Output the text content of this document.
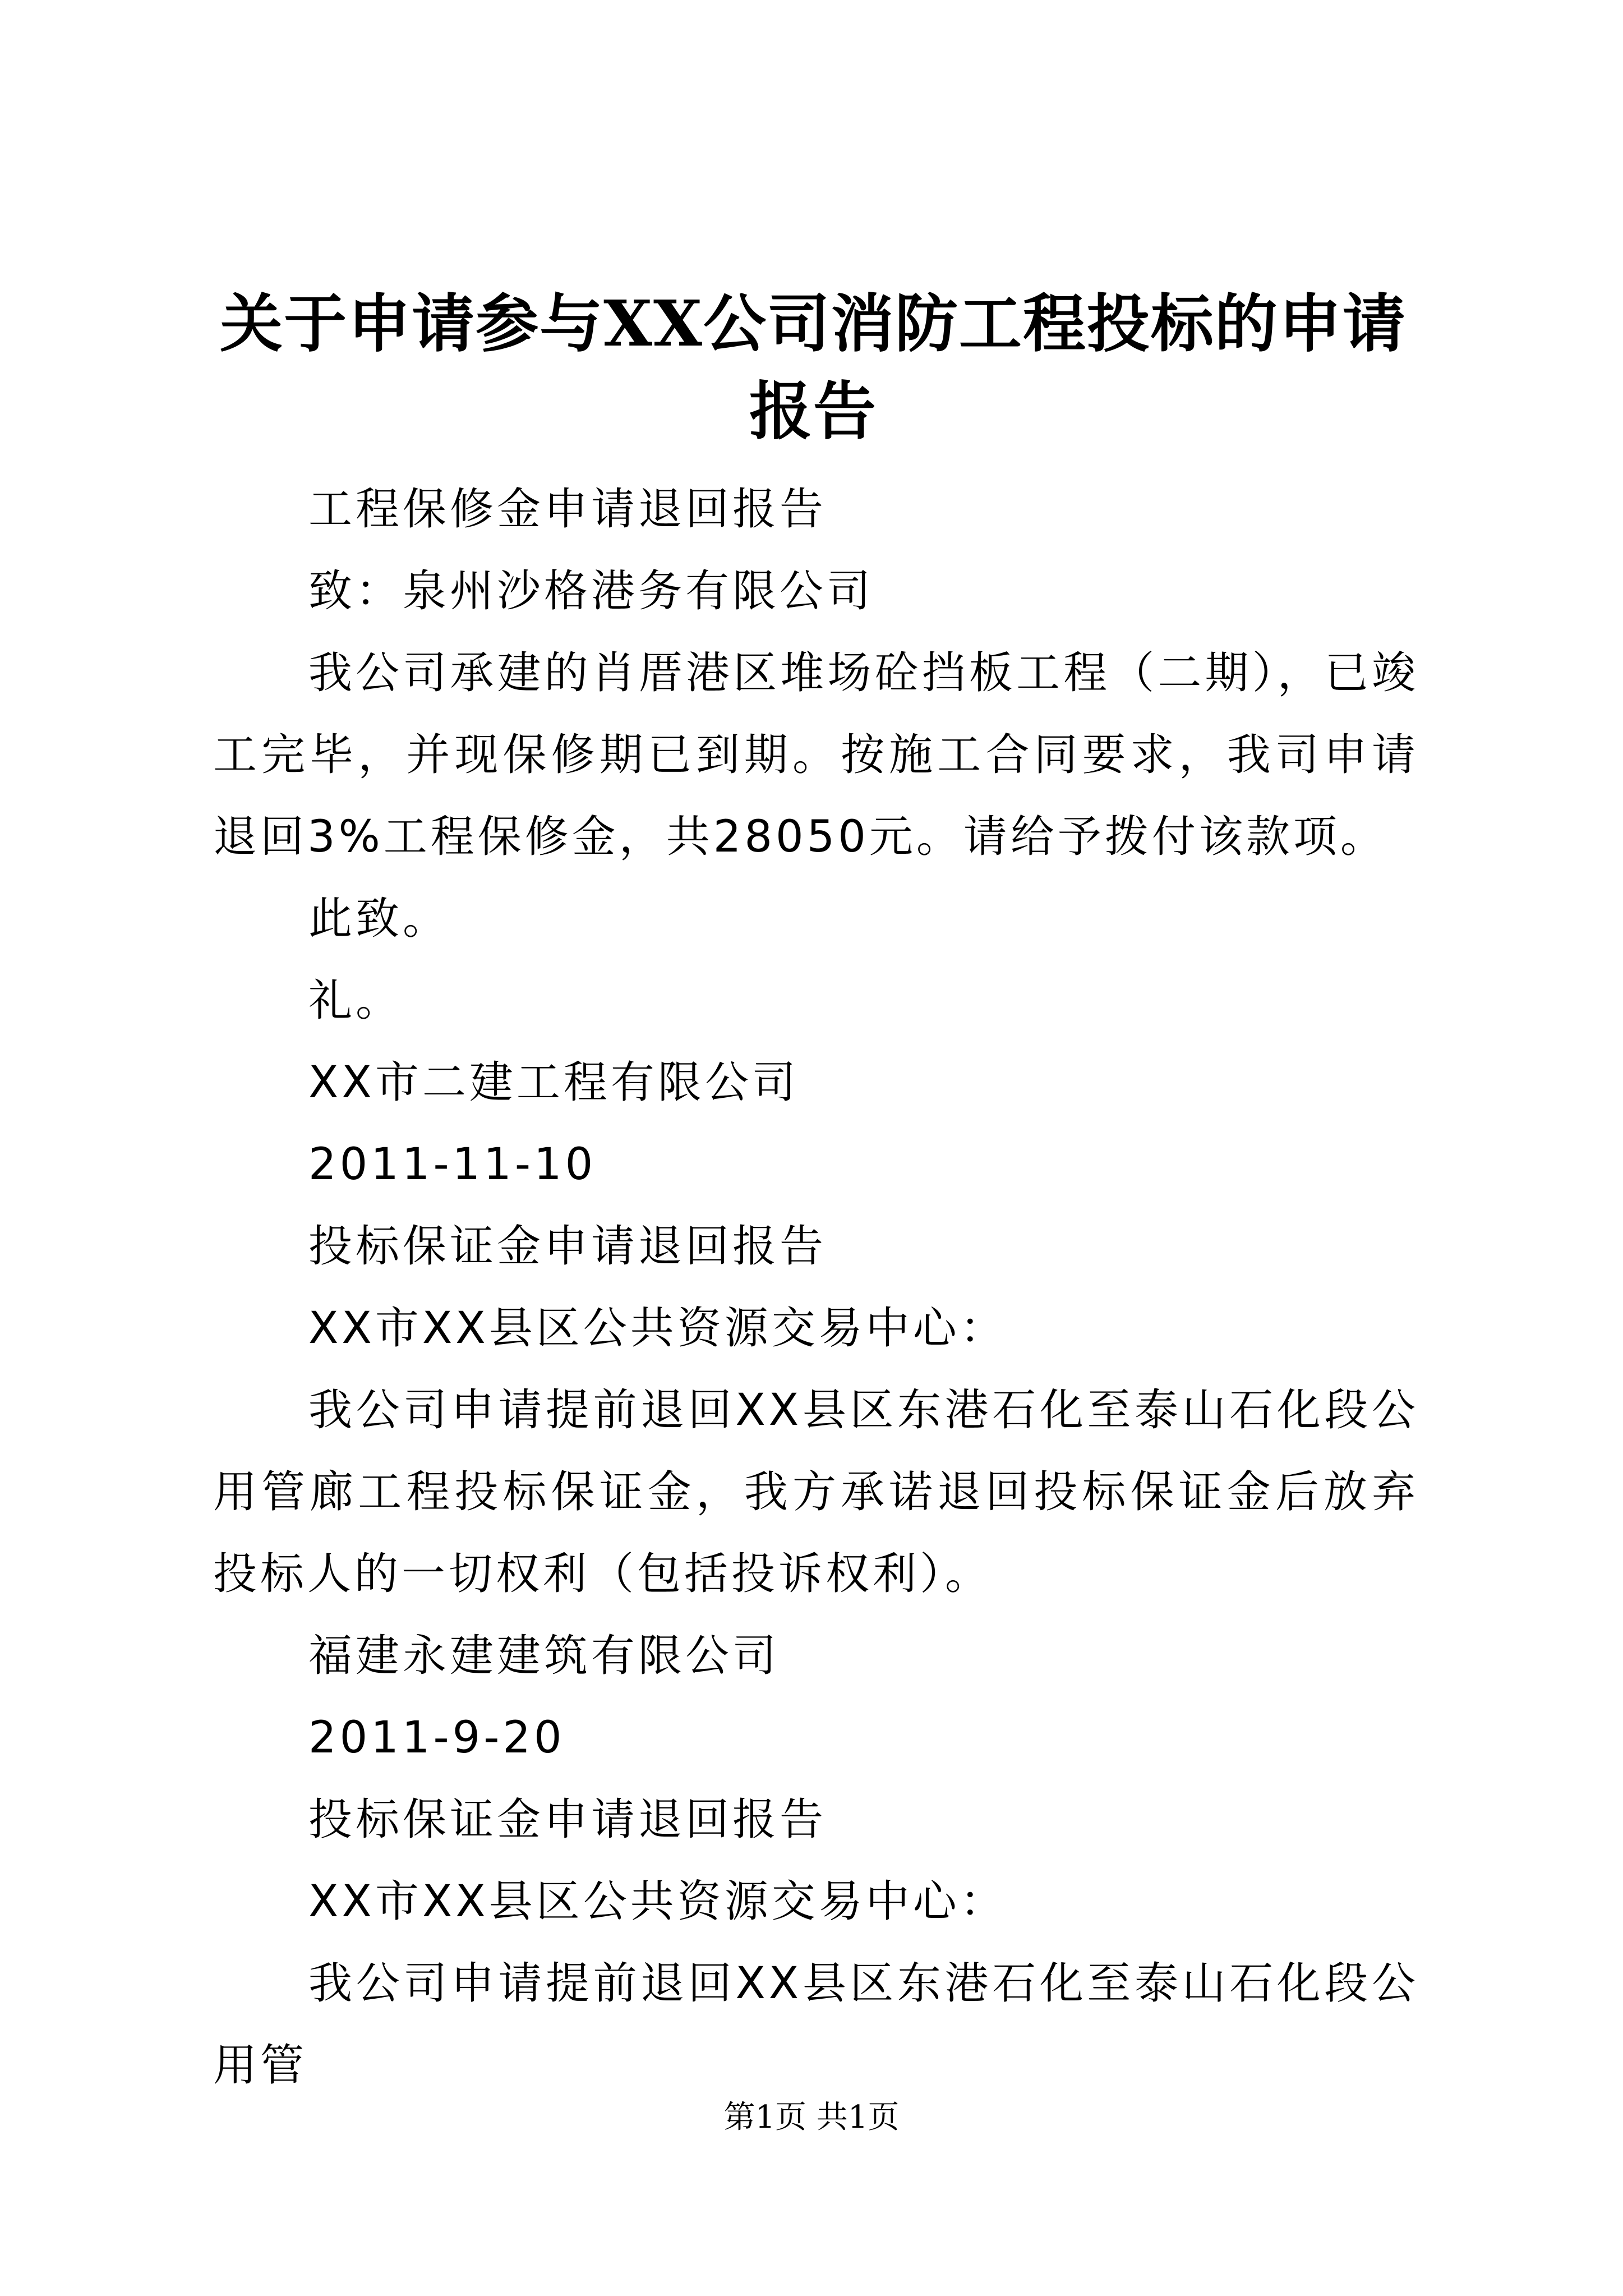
关于申请参与XX公司消防工程投标的申请报告

工程保修金申请退回报告

致：泉州沙格港务有限公司

我公司承建的肖厝港区堆场砼挡板工程（二期），已竣工完毕，并现保修期已到期。按施工合同要求，我司申请退回3%工程保修金，共28050元。请给予拨付该款项。

此致。

礼。

XX市二建工程有限公司

2011-11-10

投标保证金申请退回报告

XX市XX县区公共资源交易中心：

我公司申请提前退回XX县区东港石化至泰山石化段公用管廊工程投标保证金，我方承诺退回投标保证金后放弃投标人的一切权利（包括投诉权利）。

福建永建建筑有限公司

2011-9-20

投标保证金申请退回报告

XX市XX县区公共资源交易中心：

我公司申请提前退回XX县区东港石化至泰山石化段公用管

第1页 共1页
